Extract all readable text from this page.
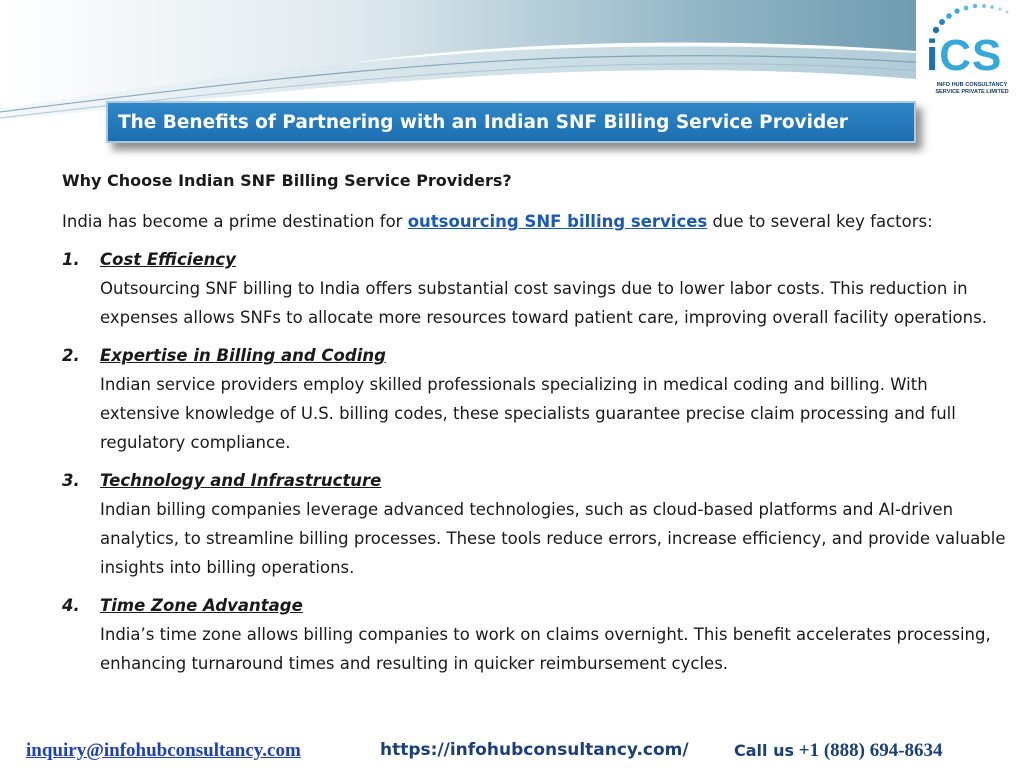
iCS
INFO HUB CONSULTANCY
SERVICE PRIVATE LIMITED
The Benefits of Partnering with an Indian SNF Billing Service Provider
Why Choose Indian SNF Billing Service Providers?
India has become a prime destination for outsourcing SNF billing services due to several key factors:
1. Cost Efficiency
Outsourcing SNF billing to India offers substantial cost savings due to lower labor costs. This reduction in expenses allows SNFs to allocate more resources toward patient care, improving overall facility operations.
2. Expertise in Billing and Coding
Indian service providers employ skilled professionals specializing in medical coding and billing. With extensive knowledge of U.S. billing codes, these specialists guarantee precise claim processing and full regulatory compliance.
3. Technology and Infrastructure
Indian billing companies leverage advanced technologies, such as cloud-based platforms and AI-driven analytics, to streamline billing processes. These tools reduce errors, increase efficiency, and provide valuable insights into billing operations.
4. Time Zone Advantage
India’s time zone allows billing companies to work on claims overnight. This benefit accelerates processing, enhancing turnaround times and resulting in quicker reimbursement cycles.
inquiry@infohubconsultancy.com	https://infohubconsultancy.com/	Call us +1 (888) 694-8634
